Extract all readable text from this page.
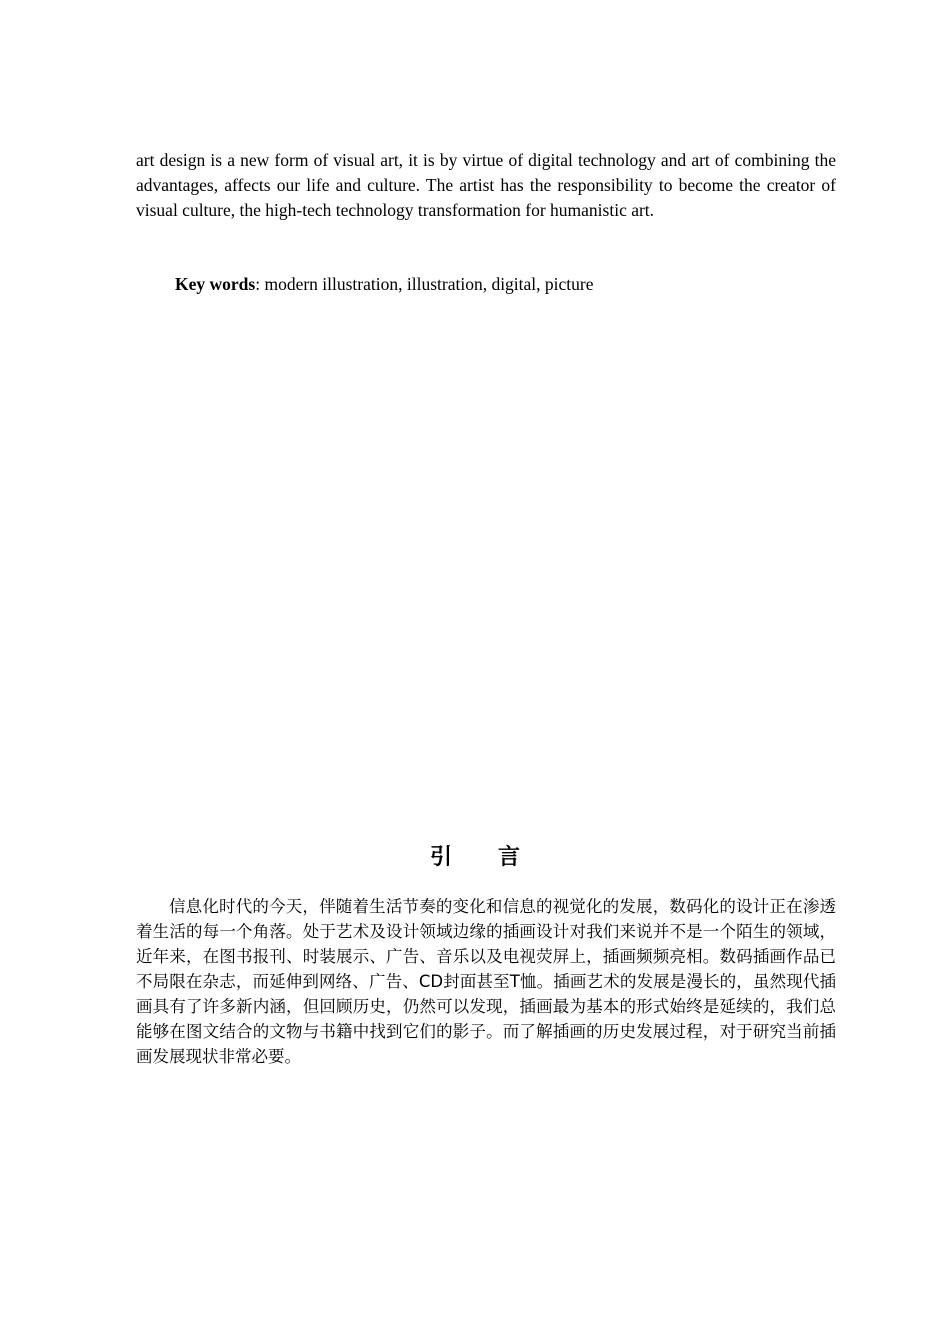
art design is a new form of visual art, it is by virtue of digital technology and art of combining the advantages, affects our life and culture. The artist has the responsibility to become the creator of visual culture, the high-tech technology transformation for humanistic art.

Key words: modern illustration, illustration, digital, picture

引 言

信息化时代的今天，伴随着生活节奏的变化和信息的视觉化的发展，数码化的设计正在渗透着生活的每一个角落。处于艺术及设计领域边缘的插画设计对我们来说并不是一个陌生的领域，近年来，在图书报刊、时装展示、广告、音乐以及电视荧屏上，插画频频亮相。数码插画作品已不局限在杂志，而延伸到网络、广告、CD封面甚至T恤。插画艺术的发展是漫长的，虽然现代插画具有了许多新内涵，但回顾历史，仍然可以发现，插画最为基本的形式始终是延续的，我们总能够在图文结合的文物与书籍中找到它们的影子。而了解插画的历史发展过程，对于研究当前插画发展现状非常必要。
